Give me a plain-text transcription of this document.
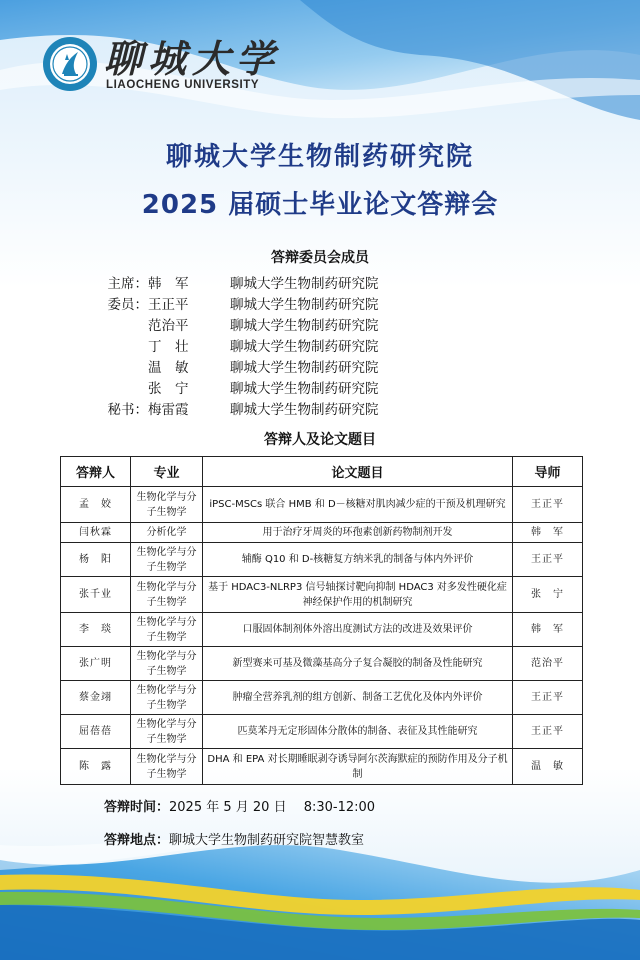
聊城大学
LIAOCHENG UNIVERSITY
聊城大学生物制药研究院
2025 届硕士毕业论文答辩会
答辩委员会成员
主席： 韩　军	聊城大学生物制药研究院
委员： 王正平	聊城大学生物制药研究院
范治平	聊城大学生物制药研究院
丁　壮	聊城大学生物制药研究院
温　敏	聊城大学生物制药研究院
张　宁	聊城大学生物制药研究院
秘书： 梅雷霞	聊城大学生物制药研究院
答辩人及论文题目
答辩人	专业	论文题目	导师
孟　姣	生物化学与分子生物学	iPSC-MSCs 联合 HMB 和 D－核糖对肌肉减少症的干预及机理研究	王正平
闫秋霖	分析化学	用于治疗牙周炎的环孢素创新药物制剂开发	韩　军
杨　阳	生物化学与分子生物学	辅酶 Q10 和 D-核糖复方纳米乳的制备与体内外评价	王正平
张千业	生物化学与分子生物学	基于 HDAC3-NLRP3 信号轴探讨靶向抑制 HDAC3 对多发性硬化症神经保护作用的机制研究	张　宁
李　琰	生物化学与分子生物学	口服固体制剂体外溶出度测试方法的改进及效果评价	韩　军
张广明	生物化学与分子生物学	新型赛来可基及微藻基高分子复合凝胶的制备及性能研究	范治平
蔡金翊	生物化学与分子生物学	肿瘤全营养乳剂的组方创新、制备工艺优化及体内外评价	王正平
屈蓓蓓	生物化学与分子生物学	匹莫苯丹无定形固体分散体的制备、表征及其性能研究	王正平
陈　露	生物化学与分子生物学	DHA 和 EPA 对长期睡眠剥夺诱导阿尔茨海默症的预防作用及分子机制	温　敏
答辩时间：2025 年 5 月 20 日　 8:30-12:00
答辩地点：聊城大学生物制药研究院智慧教室
